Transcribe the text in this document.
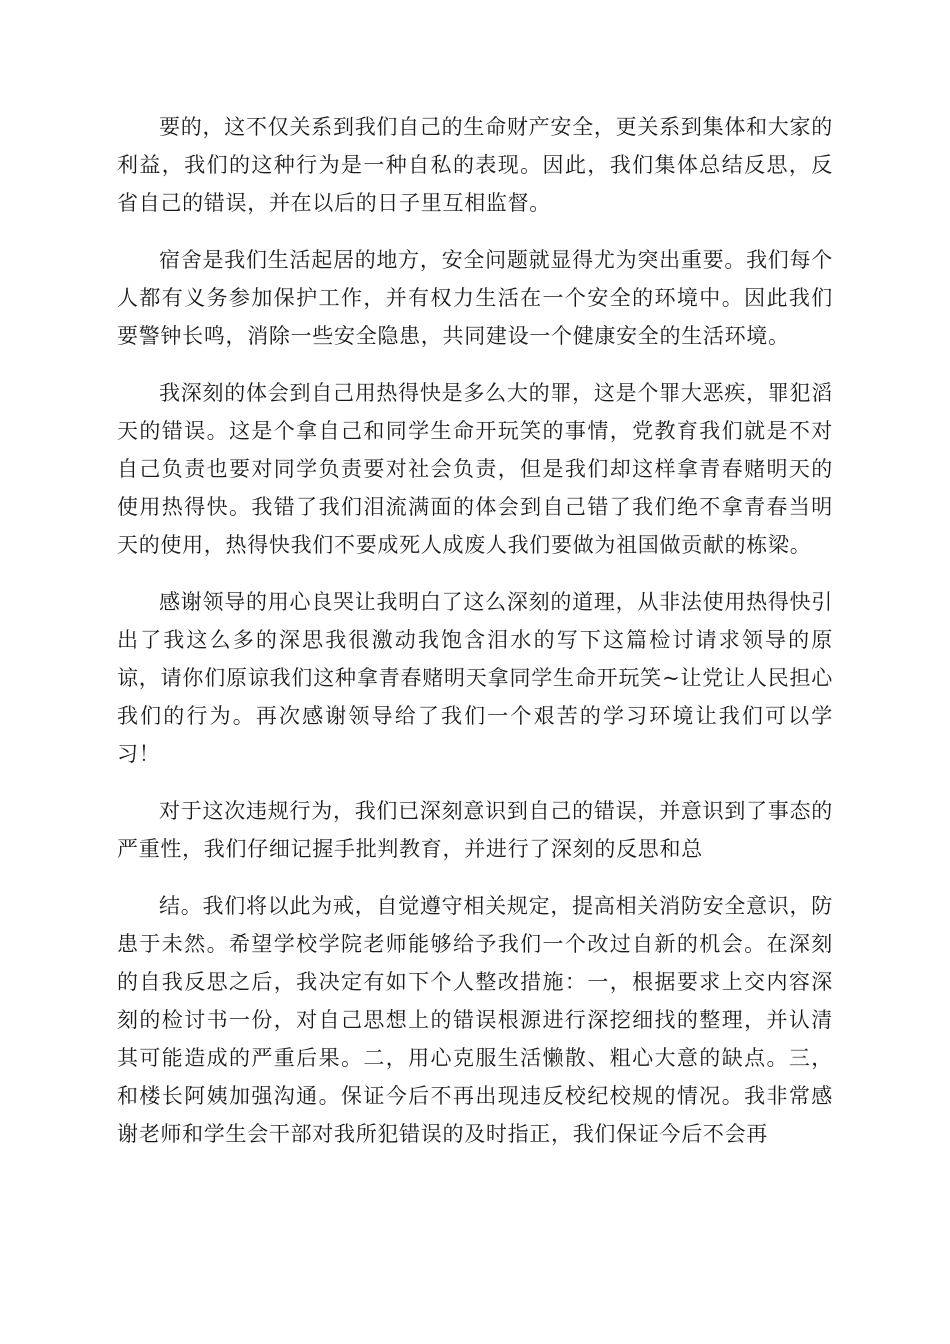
要的，这不仅关系到我们自己的生命财产安全，更关系到集体和大家的利益，我们的这种行为是一种自私的表现。因此，我们集体总结反思，反省自己的错误，并在以后的日子里互相监督。

宿舍是我们生活起居的地方，安全问题就显得尤为突出重要。我们每个人都有义务参加保护工作，并有权力生活在一个安全的环境中。因此我们要警钟长鸣，消除一些安全隐患，共同建设一个健康安全的生活环境。

我深刻的体会到自己用热得快是多么大的罪，这是个罪大恶疾，罪犯滔天的错误。这是个拿自己和同学生命开玩笑的事情，党教育我们就是不对自己负责也要对同学负责要对社会负责，但是我们却这样拿青春赌明天的使用热得快。我错了我们泪流满面的体会到自己错了我们绝不拿青春当明天的使用，热得快我们不要成死人成废人我们要做为祖国做贡献的栋梁。

感谢领导的用心良哭让我明白了这么深刻的道理，从非法使用热得快引出了我这么多的深思我很激动我饱含泪水的写下这篇检讨请求领导的原谅，请你们原谅我们这种拿青春赌明天拿同学生命开玩笑~让党让人民担心我们的行为。再次感谢领导给了我们一个艰苦的学习环境让我们可以学习！

对于这次违规行为，我们已深刻意识到自己的错误，并意识到了事态的严重性，我们仔细记握手批判教育，并进行了深刻的反思和总

结。我们将以此为戒，自觉遵守相关规定，提高相关消防安全意识，防患于未然。希望学校学院老师能够给予我们一个改过自新的机会。在深刻的自我反思之后，我决定有如下个人整改措施：一，根据要求上交内容深刻的检讨书一份，对自己思想上的错误根源进行深挖细找的整理，并认清其可能造成的严重后果。二，用心克服生活懒散、粗心大意的缺点。三，和楼长阿姨加强沟通。保证今后不再出现违反校纪校规的情况。我非常感谢老师和学生会干部对我所犯错误的及时指正，我们保证今后不会再
